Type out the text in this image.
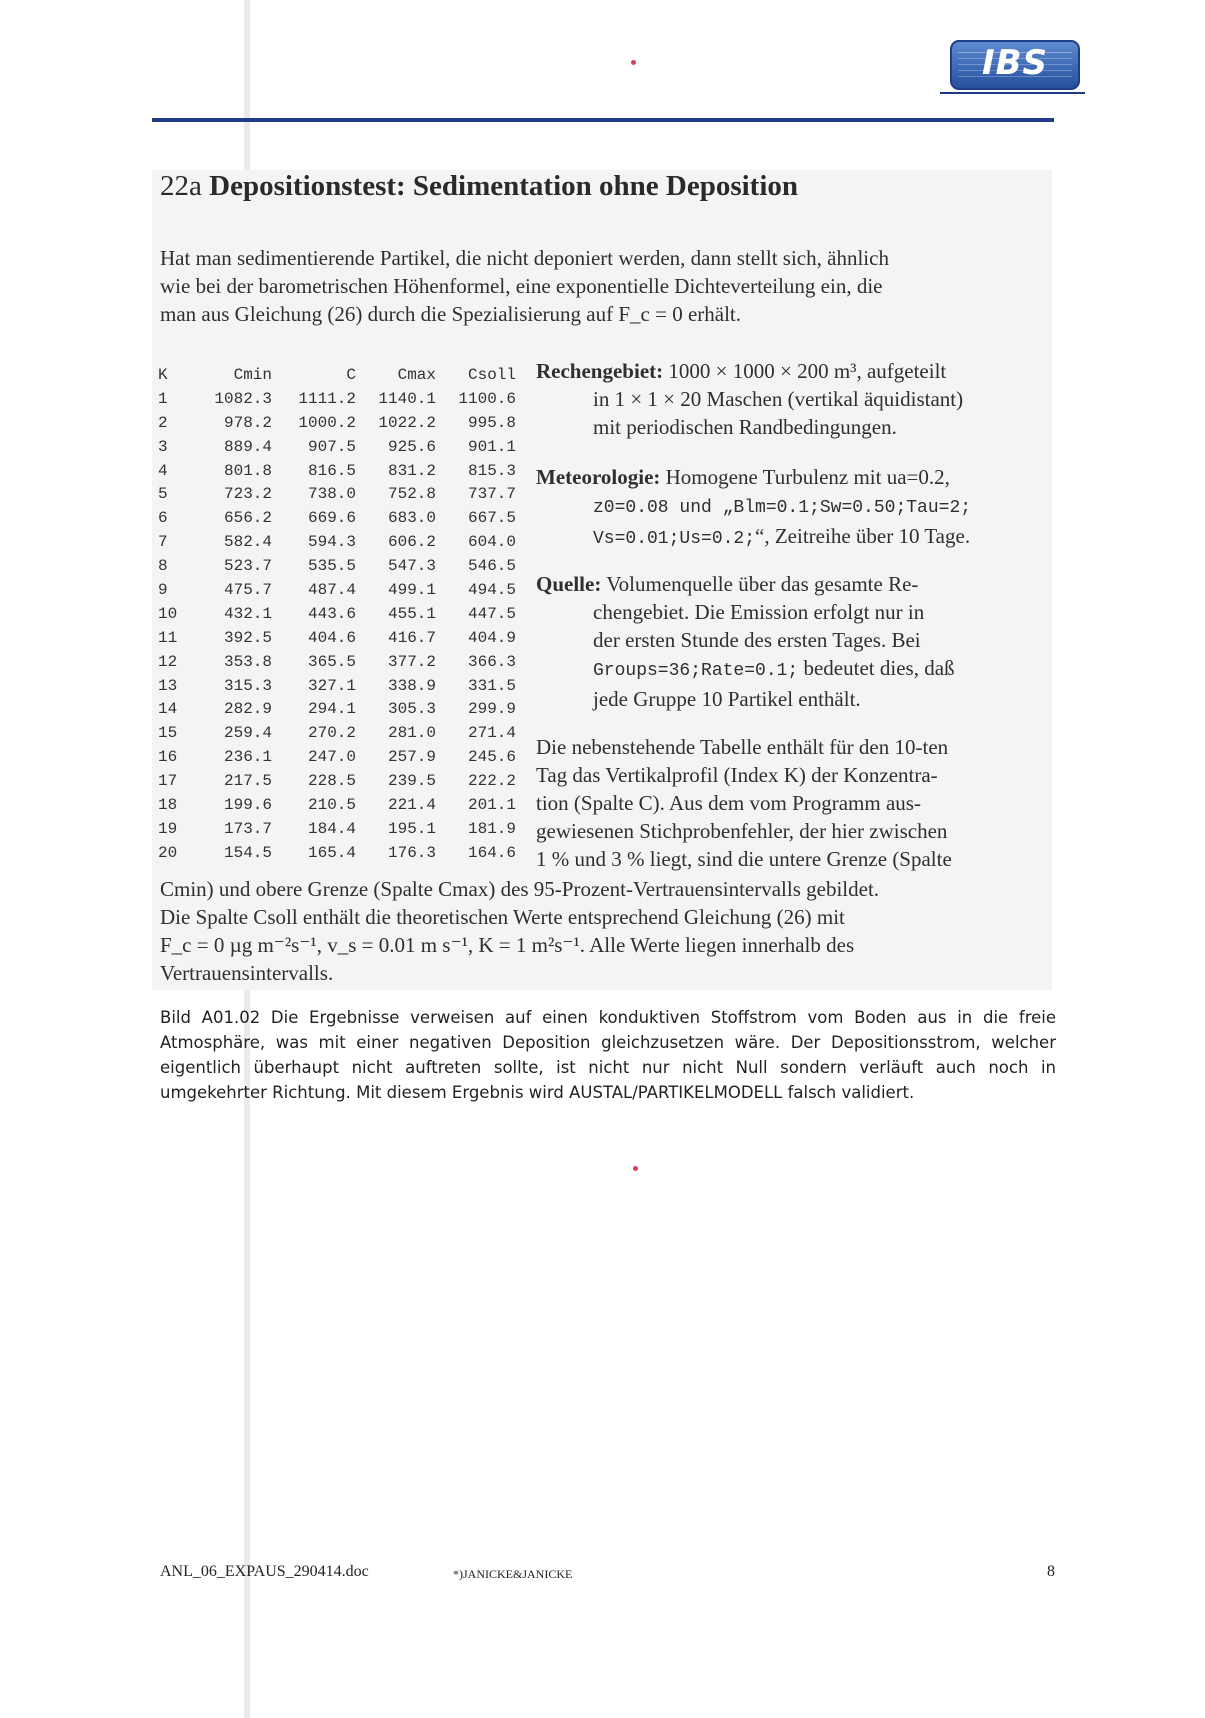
IBS
22a Depositionstest: Sedimentation ohne Deposition

Hat man sedimentierende Partikel, die nicht deponiert werden, dann stellt sich, ähnlich

wie bei der barometrischen Höhenformel, eine exponentielle Dichteverteilung ein, die

man aus Gleichung (26) durch die Spezialisierung auf F_c = 0 erhält.

K	Cmin	C	Cmax	Csoll
1	1082.3	1111.2	1140.1	1100.6
2	978.2	1000.2	1022.2	995.8
3	889.4	907.5	925.6	901.1
4	801.8	816.5	831.2	815.3
5	723.2	738.0	752.8	737.7
6	656.2	669.6	683.0	667.5
7	582.4	594.3	606.2	604.0
8	523.7	535.5	547.3	546.5
9	475.7	487.4	499.1	494.5
10	432.1	443.6	455.1	447.5
11	392.5	404.6	416.7	404.9
12	353.8	365.5	377.2	366.3
13	315.3	327.1	338.9	331.5
14	282.9	294.1	305.3	299.9
15	259.4	270.2	281.0	271.4
16	236.1	247.0	257.9	245.6
17	217.5	228.5	239.5	222.2
18	199.6	210.5	221.4	201.1
19	173.7	184.4	195.1	181.9
20	154.5	165.4	176.3	164.6

Rechengebiet: 1000 × 1000 × 200 m³, aufgeteilt

in 1 × 1 × 20 Maschen (vertikal äquidistant)

mit periodischen Randbedingungen.

Meteorologie: Homogene Turbulenz mit ua=0.2,

z0=0.08 und „Blm=0.1;Sw=0.50;Tau=2;

Vs=0.01;Us=0.2;“, Zeitreihe über 10 Tage.

Quelle: Volumenquelle über das gesamte Re-

chengebiet. Die Emission erfolgt nur in

der ersten Stunde des ersten Tages. Bei

Groups=36;Rate=0.1; bedeutet dies, daß

jede Gruppe 10 Partikel enthält.

Die nebenstehende Tabelle enthält für den 10-ten

Tag das Vertikalprofil (Index K) der Konzentra-

tion (Spalte C). Aus dem vom Programm aus-

gewiesenen Stichprobenfehler, der hier zwischen

1 % und 3 % liegt, sind die untere Grenze (Spalte

Cmin) und obere Grenze (Spalte Cmax) des 95-Prozent-Vertrauensintervalls gebildet.

Die Spalte Csoll enthält die theoretischen Werte entsprechend Gleichung (26) mit

F_c = 0 µg m⁻²s⁻¹, v_s = 0.01 m s⁻¹, K = 1 m²s⁻¹. Alle Werte liegen innerhalb des

Vertrauensintervalls.

Bild A01.02 Die Ergebnisse verweisen auf einen konduktiven Stoffstrom vom Boden aus in die freie Atmosphäre, was mit einer negativen Deposition gleichzusetzen wäre. Der Depositionsstrom, welcher eigentlich überhaupt nicht auftreten sollte, ist nicht nur nicht Null sondern verläuft auch noch in umgekehrter Richtung. Mit diesem Ergebnis wird AUSTAL/PARTIKELMODELL falsch validiert.

ANL_06_EXPAUS_290414.doc	*)JANICKE&JANICKE	8
